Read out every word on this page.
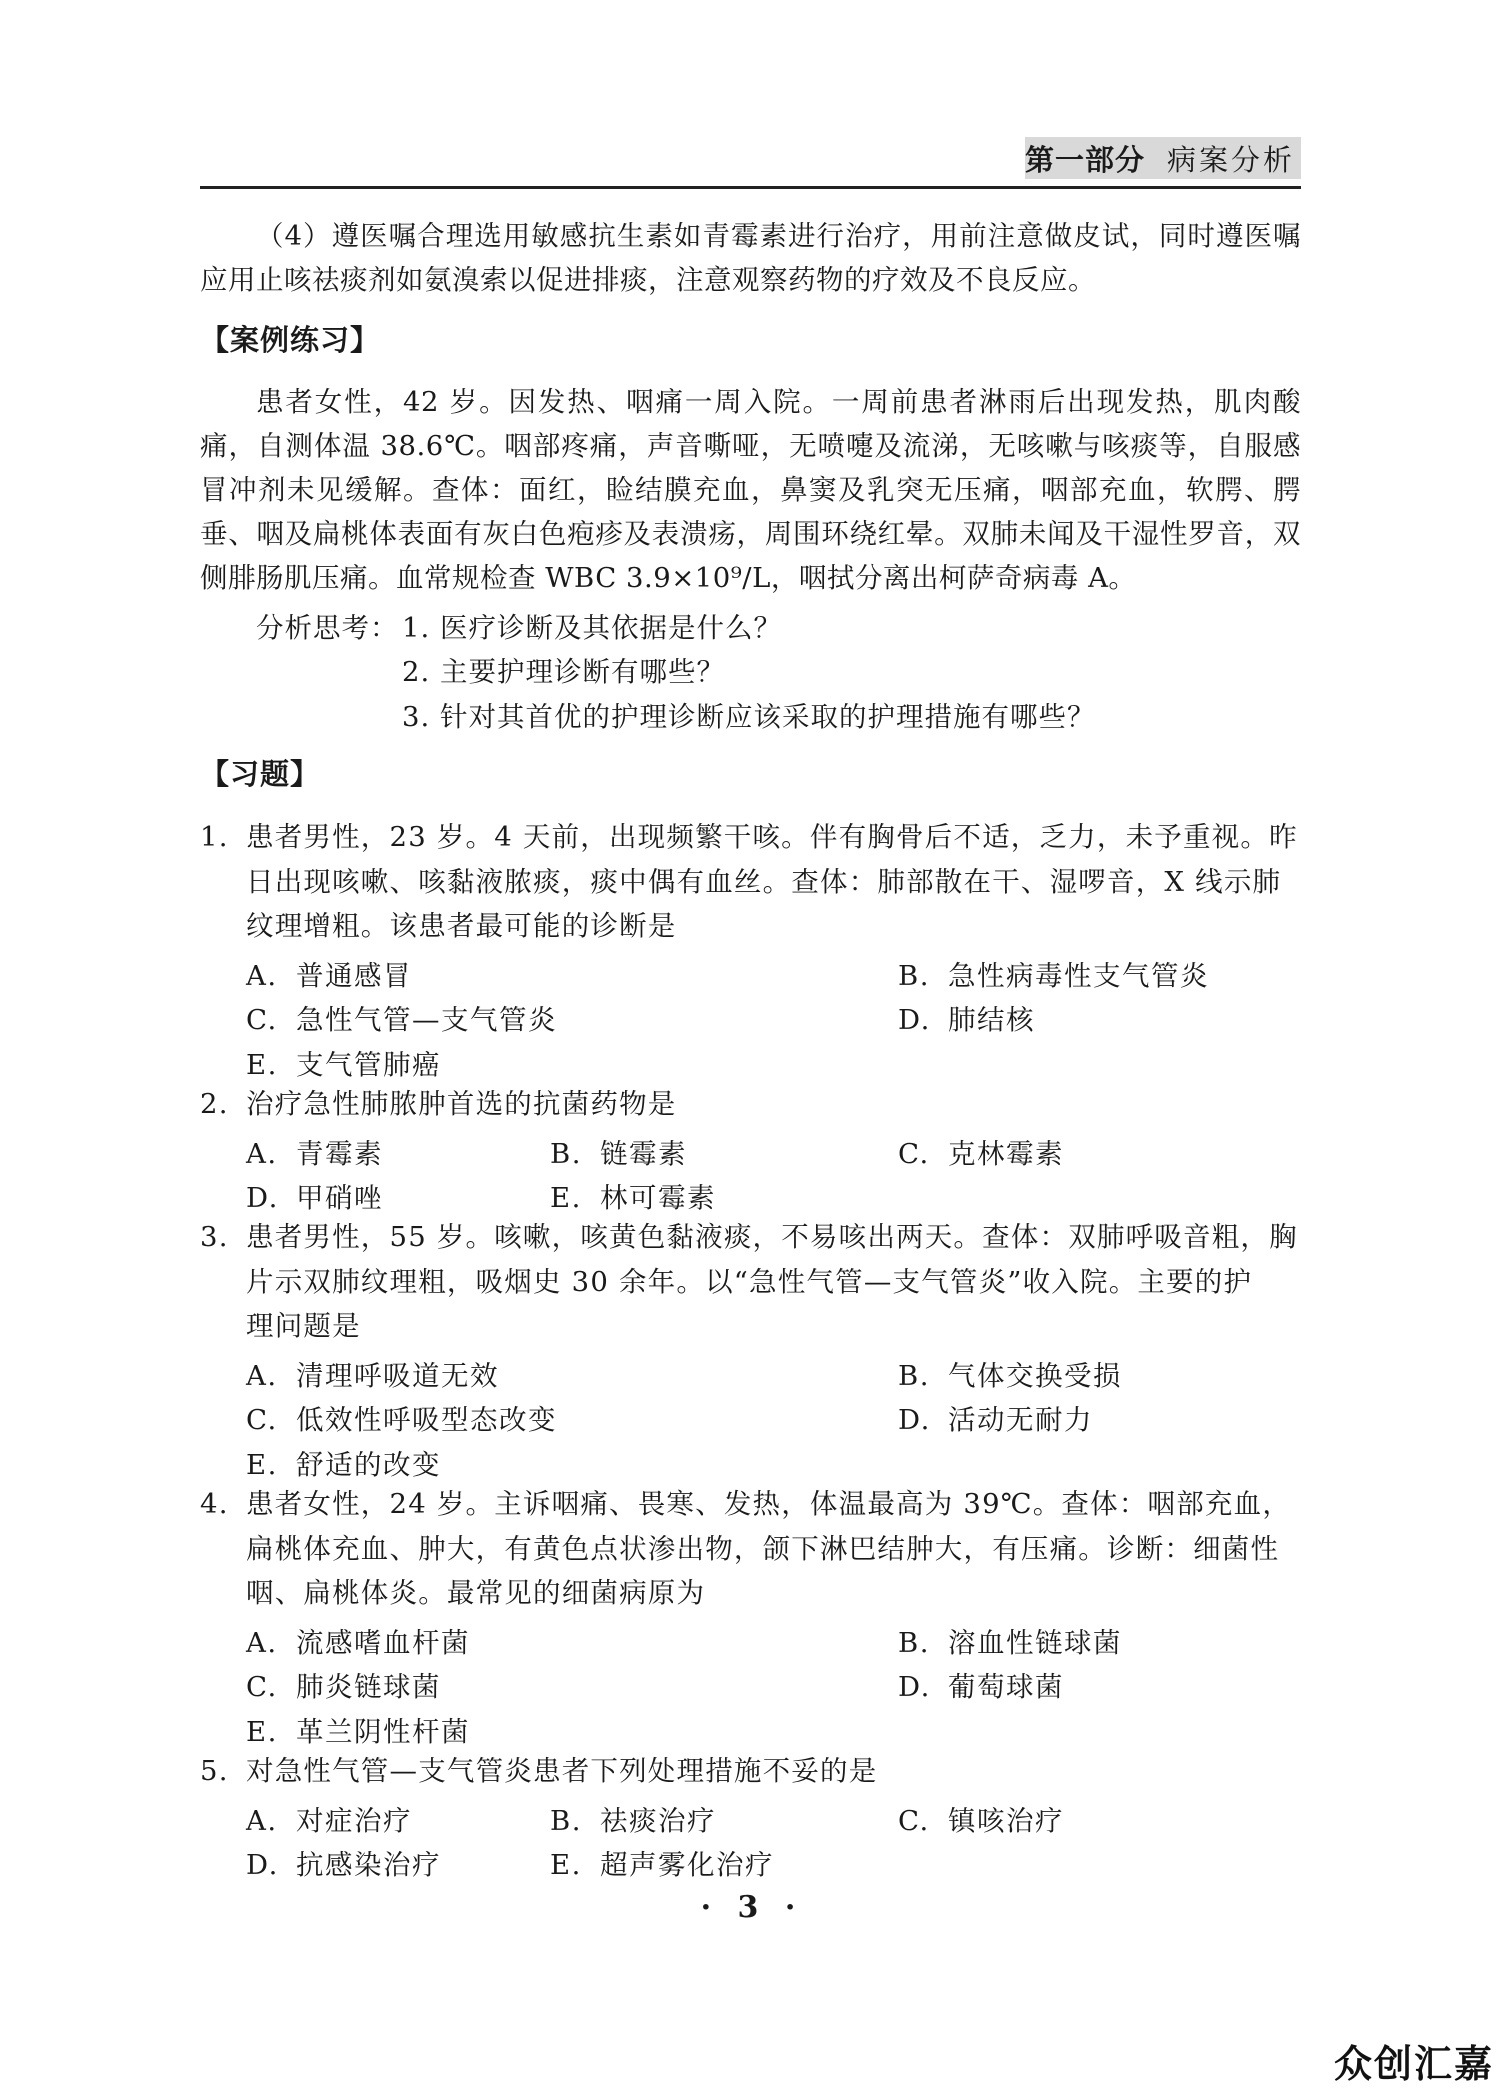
第一部分 病案分析

（4）遵医嘱合理选用敏感抗生素如青霉素进行治疗，用前注意做皮试，同时遵医嘱应用止咳祛痰剂如氨溴索以促进排痰，注意观察药物的疗效及不良反应。

【案例练习】

患者女性，42 岁。因发热、咽痛一周入院。一周前患者淋雨后出现发热，肌肉酸痛，自测体温 38.6℃。咽部疼痛，声音嘶哑，无喷嚏及流涕，无咳嗽与咳痰等，自服感冒冲剂未见缓解。查体：面红，睑结膜充血，鼻窦及乳突无压痛，咽部充血，软腭、腭垂、咽及扁桃体表面有灰白色疱疹及表溃疡，周围环绕红晕。双肺未闻及干湿性罗音，双侧腓肠肌压痛。血常规检查 WBC 3.9×10⁹/L，咽拭分离出柯萨奇病毒 A。

分析思考： 1. 医疗诊断及其依据是什么？
2. 主要护理诊断有哪些？
3. 针对其首优的护理诊断应该采取的护理措施有哪些？
【习题】
1. 患者男性，23 岁。4 天前，出现频繁干咳。伴有胸骨后不适，乏力，未予重视。昨
日出现咳嗽、咳黏液脓痰，痰中偶有血丝。查体：肺部散在干、湿啰音，X 线示肺
纹理增粗。该患者最可能的诊断是
A. 普通感冒	B. 急性病毒性支气管炎
C. 急性气管—支气管炎	D. 肺结核
E. 支气管肺癌
2. 治疗急性肺脓肿首选的抗菌药物是
A. 青霉素	B. 链霉素	C. 克林霉素
D. 甲硝唑	E. 林可霉素
3. 患者男性，55 岁。咳嗽，咳黄色黏液痰，不易咳出两天。查体：双肺呼吸音粗，胸
片示双肺纹理粗，吸烟史 30 余年。以“急性气管—支气管炎”收入院。主要的护
理问题是
A. 清理呼吸道无效	B. 气体交换受损
C. 低效性呼吸型态改变	D. 活动无耐力
E. 舒适的改变
4. 患者女性，24 岁。主诉咽痛、畏寒、发热，体温最高为 39℃。查体：咽部充血，
扁桃体充血、肿大，有黄色点状渗出物，颌下淋巴结肿大，有压痛。诊断：细菌性
咽、扁桃体炎。最常见的细菌病原为
A. 流感嗜血杆菌	B. 溶血性链球菌
C. 肺炎链球菌	D. 葡萄球菌
E. 革兰阴性杆菌
5. 对急性气管—支气管炎患者下列处理措施不妥的是
A. 对症治疗	B. 祛痰治疗	C. 镇咳治疗
D. 抗感染治疗	E. 超声雾化治疗
· 3 ·
众创汇嘉
